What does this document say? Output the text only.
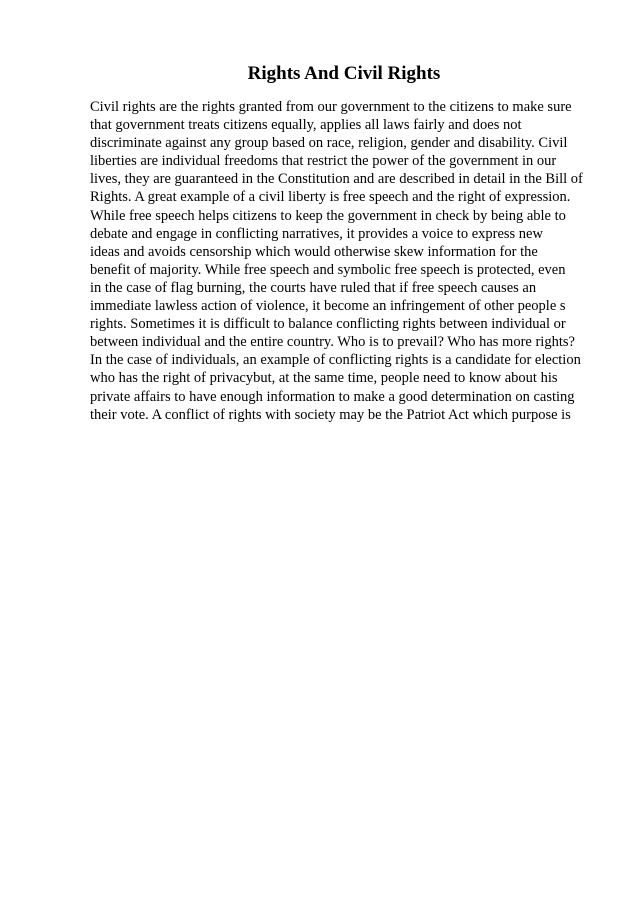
Rights And Civil Rights
Civil rights are the rights granted from our government to the citizens to make sure
that government treats citizens equally, applies all laws fairly and does not
discriminate against any group based on race, religion, gender and disability. Civil
liberties are individual freedoms that restrict the power of the government in our
lives, they are guaranteed in the Constitution and are described in detail in the Bill of
Rights. A great example of a civil liberty is free speech and the right of expression.
While free speech helps citizens to keep the government in check by being able to
debate and engage in conflicting narratives, it provides a voice to express new
ideas and avoids censorship which would otherwise skew information for the
benefit of majority. While free speech and symbolic free speech is protected, even
in the case of flag burning, the courts have ruled that if free speech causes an
immediate lawless action of violence, it become an infringement of other people s
rights. Sometimes it is difficult to balance conflicting rights between individual or
between individual and the entire country. Who is to prevail? Who has more rights?
In the case of individuals, an example of conflicting rights is a candidate for election
who has the right of privacybut, at the same time, people need to know about his
private affairs to have enough information to make a good determination on casting
their vote. A conflict of rights with society may be the Patriot Act which purpose is
